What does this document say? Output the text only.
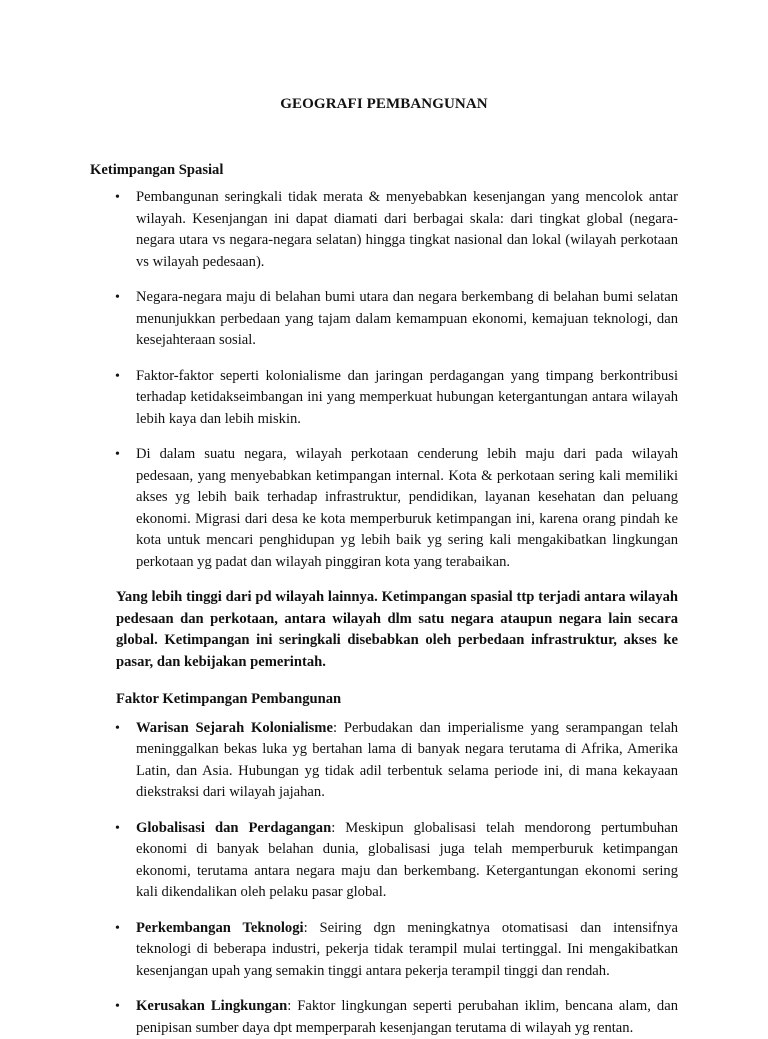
GEOGRAFI PEMBANGUNAN
Ketimpangan Spasial
• Pembangunan seringkali tidak merata & menyebabkan kesenjangan yang mencolok antar wilayah. Kesenjangan ini dapat diamati dari berbagai skala: dari tingkat global (negara-negara utara vs negara-negara selatan) hingga tingkat nasional dan lokal (wilayah perkotaan vs wilayah pedesaan).
• Negara-negara maju di belahan bumi utara dan negara berkembang di belahan bumi selatan menunjukkan perbedaan yang tajam dalam kemampuan ekonomi, kemajuan teknologi, dan kesejahteraan sosial.
• Faktor-faktor seperti kolonialisme dan jaringan perdagangan yang timpang berkontribusi terhadap ketidakseimbangan ini yang memperkuat hubungan ketergantungan antara wilayah lebih kaya dan lebih miskin.
• Di dalam suatu negara, wilayah perkotaan cenderung lebih maju dari pada wilayah pedesaan, yang menyebabkan ketimpangan internal. Kota & perkotaan sering kali memiliki akses yg lebih baik terhadap infrastruktur, pendidikan, layanan kesehatan dan peluang ekonomi. Migrasi dari desa ke kota memperburuk ketimpangan ini, karena orang pindah ke kota untuk mencari penghidupan yg lebih baik yg sering kali mengakibatkan lingkungan perkotaan yg padat dan wilayah pinggiran kota yang terabaikan.
Yang lebih tinggi dari pd wilayah lainnya. Ketimpangan spasial ttp terjadi antara wilayah pedesaan dan perkotaan, antara wilayah dlm satu negara ataupun negara lain secara global. Ketimpangan ini seringkali disebabkan oleh perbedaan infrastruktur, akses ke pasar, dan kebijakan pemerintah.
Faktor Ketimpangan Pembangunan
• Warisan Sejarah Kolonialisme: Perbudakan dan imperialisme yang serampangan telah meninggalkan bekas luka yg bertahan lama di banyak negara terutama di Afrika, Amerika Latin, dan Asia. Hubungan yg tidak adil terbentuk selama periode ini, di mana kekayaan diekstraksi dari wilayah jajahan.
• Globalisasi dan Perdagangan: Meskipun globalisasi telah mendorong pertumbuhan ekonomi di banyak belahan dunia, globalisasi juga telah memperburuk ketimpangan ekonomi, terutama antara negara maju dan berkembang. Ketergantungan ekonomi sering kali dikendalikan oleh pelaku pasar global.
• Perkembangan Teknologi: Seiring dgn meningkatnya otomatisasi dan intensifnya teknologi di beberapa industri, pekerja tidak terampil mulai tertinggal. Ini mengakibatkan kesenjangan upah yang semakin tinggi antara pekerja terampil tinggi dan rendah.
• Kerusakan Lingkungan: Faktor lingkungan seperti perubahan iklim, bencana alam, dan penipisan sumber daya dpt memperparah kesenjangan terutama di wilayah yg rentan.
